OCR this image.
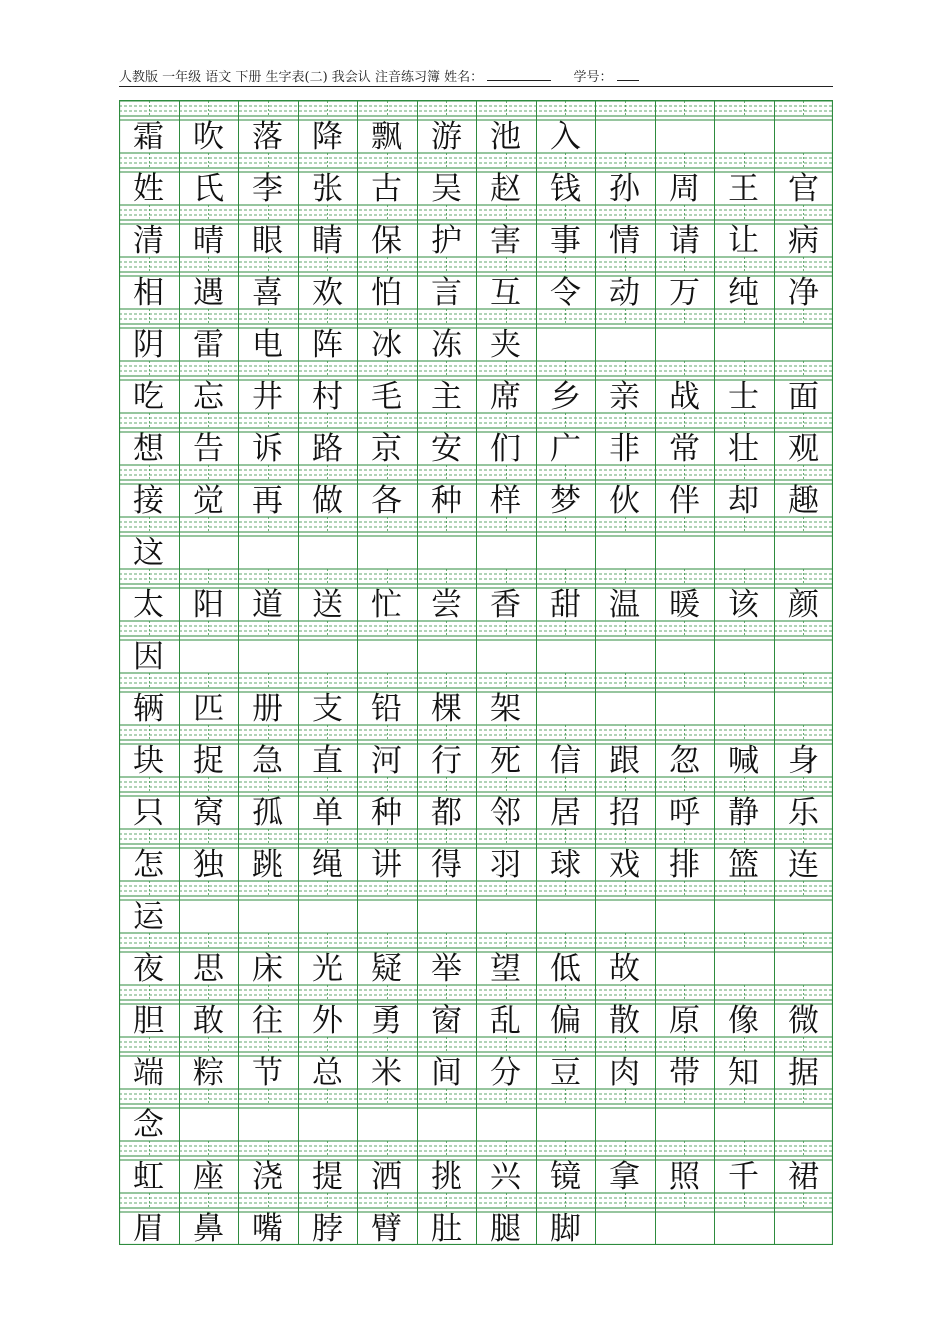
人教版 一年级 语文 下册 生字表(二) 我会认 注音练习簿 姓名：	学号：
霜 吹 落 降 飘 游 池 入
姓 氏 李 张 古 吴 赵 钱 孙 周 王 官
清 晴 眼 睛 保 护 害 事 情 请 让 病
相 遇 喜 欢 怕 言 互 令 动 万 纯 净
阴 雷 电 阵 冰 冻 夹
吃 忘 井 村 毛 主 席 乡 亲 战 士 面
想 告 诉 路 京 安 们 广 非 常 壮 观
接 觉 再 做 各 种 样 梦 伙 伴 却 趣
这
太 阳 道 送 忙 尝 香 甜 温 暖 该 颜
因
辆 匹 册 支 铅 棵 架
块 捉 急 直 河 行 死 信 跟 忽 喊 身
只 窝 孤 单 种 都 邻 居 招 呼 静 乐
怎 独 跳 绳 讲 得 羽 球 戏 排 篮 连
运
夜 思 床 光 疑 举 望 低 故
胆 敢 往 外 勇 窗 乱 偏 散 原 像 微
端 粽 节 总 米 间 分 豆 肉 带 知 据
念
虹 座 浇 提 洒 挑 兴 镜 拿 照 千 裙
眉 鼻 嘴 脖 臂 肚 腿 脚
